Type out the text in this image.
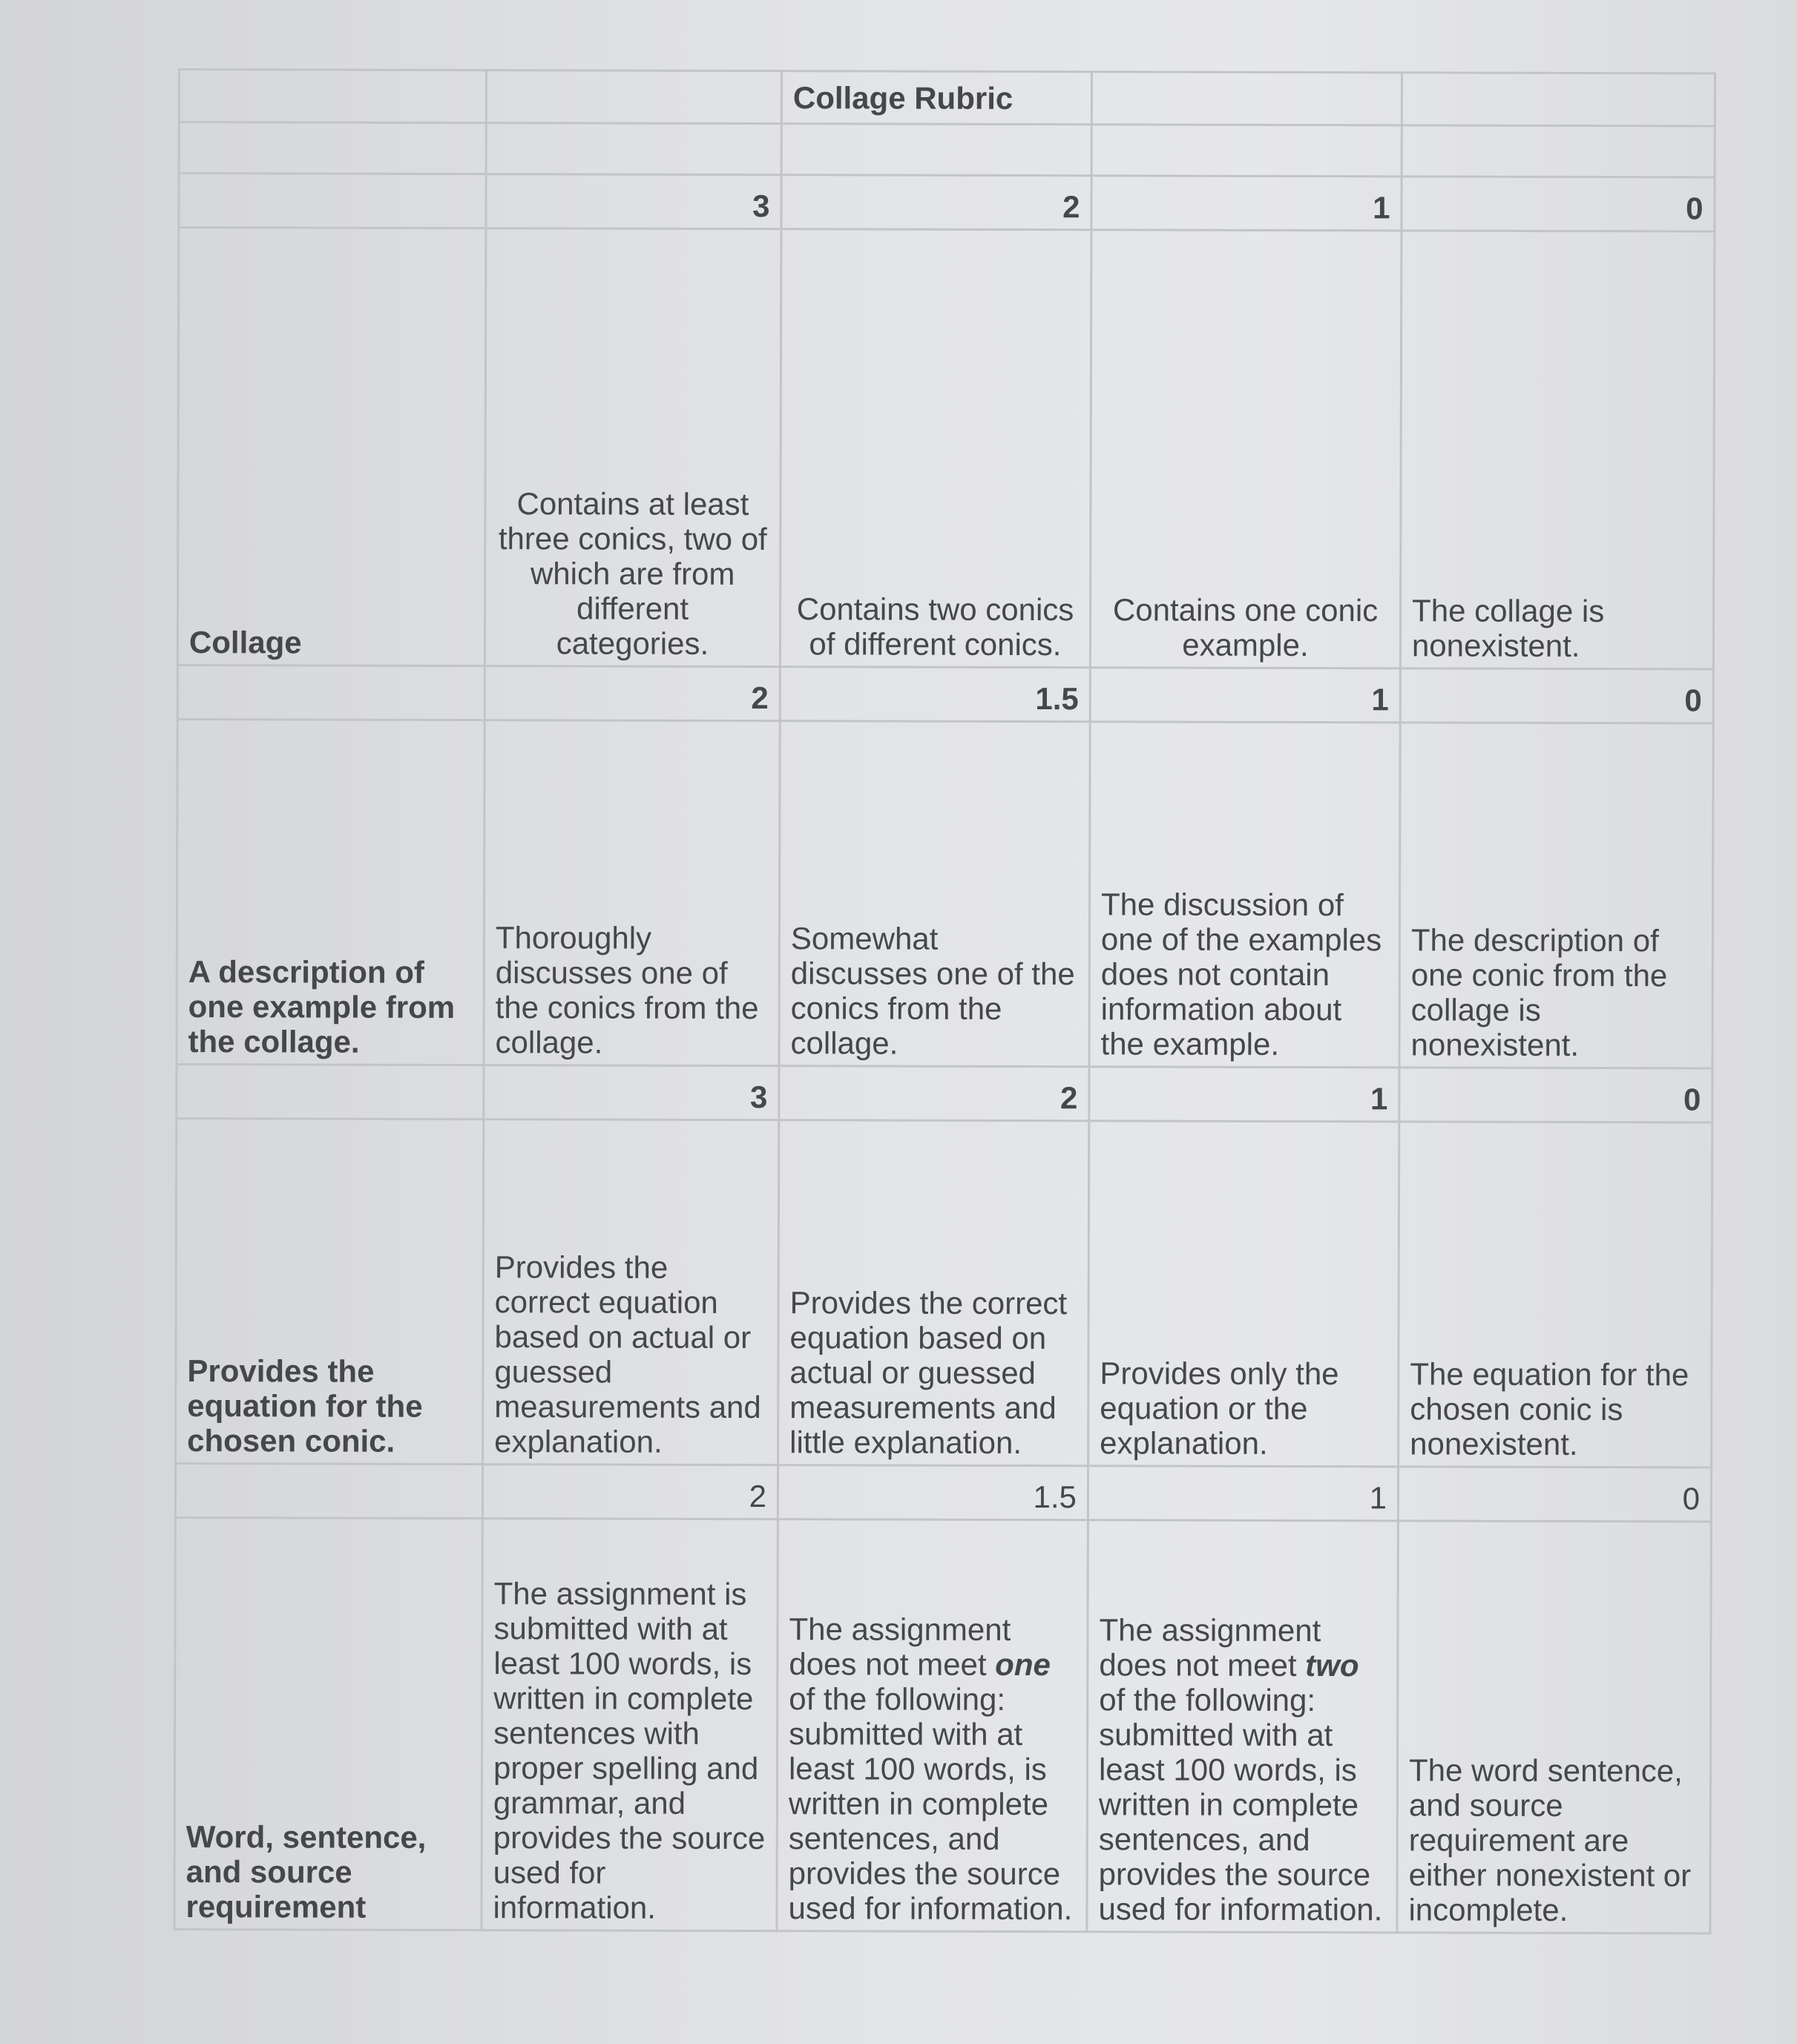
		Collage Rubric		

	3	2	1	0
Collage	Contains at least three conics, two of which are from different categories.	Contains two conics of different conics.	Contains one conic example.	The collage is nonexistent.
	2	1.5	1	0
A description of one example from the collage.	Thoroughly discusses one of the conics from the collage.	Somewhat discusses one of the conics from the collage.	The discussion of one of the examples does not contain information about the example.	The description of one conic from the collage is nonexistent.
	3	2	1	0
Provides the equation for the chosen conic.	Provides the correct equation based on actual or guessed measurements and explanation.	Provides the correct equation based on actual or guessed measurements and little explanation.	Provides only the equation or the explanation.	The equation for the chosen conic is nonexistent.
	2	1.5	1	0
Word, sentence, and source requirement	The assignment is submitted with at least 100 words, is written in complete sentences with proper spelling and grammar, and provides the source used for information.	The assignment does not meet one of the following: submitted with at least 100 words, is written in complete sentences, and provides the source used for information.	The assignment does not meet two of the following: submitted with at least 100 words, is written in complete sentences, and provides the source used for information.	The word sentence, and source requirement are either nonexistent or incomplete.
